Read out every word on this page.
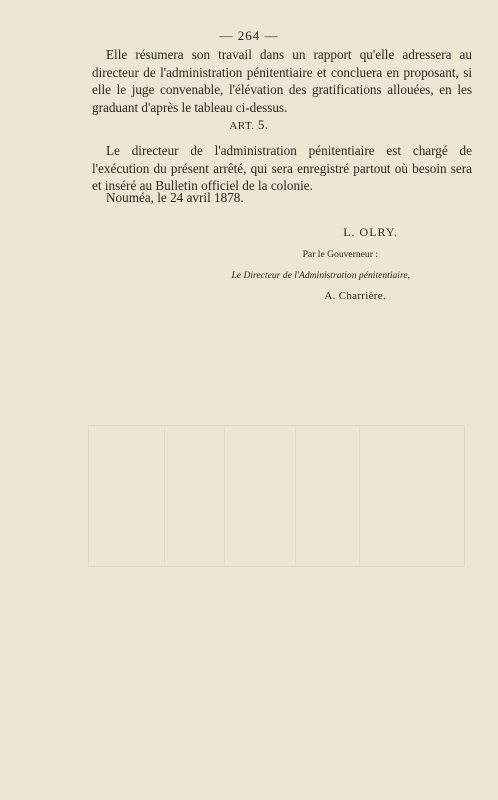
— 264 —
Elle résumera son travail dans un rapport qu'elle adressera au directeur de l'administration pénitentiaire et concluera en proposant, si elle le juge convenable, l'élévation des gratifications allouées, en les graduant d'après le tableau ci-dessus.
ART. 5.
Le directeur de l'administration pénitentiaire est chargé de l'exécution du présent arrêté, qui sera enregistré partout où besoin sera et inséré au Bulletin officiel de la colonie.
Nouméa, le 24 avril 1878.
L. OLRY.
Par le Gouverneur :
Le Directeur de l'Administration pénitentiaire,
A. Charrière.
